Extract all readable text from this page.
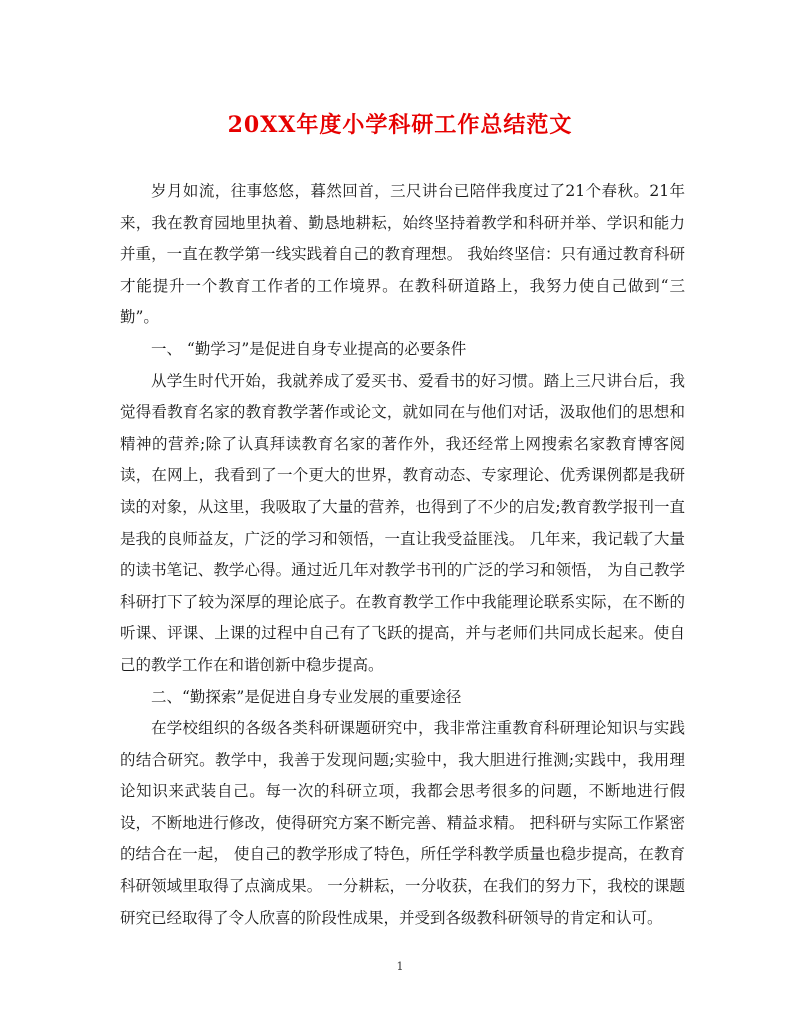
20XX年度小学科研工作总结范文

岁月如流，往事悠悠，暮然回首，三尺讲台已陪伴我度过了21个春秋。21年来，我在教育园地里执着、勤恳地耕耘，始终坚持着教学和科研并举、学识和能力并重，一直在教学第一线实践着自己的教育理想。 我始终坚信：只有通过教育科研才能提升一个教育工作者的工作境界。在教科研道路上，我努力使自己做到“三勤”。

一、 “勤学习”是促进自身专业提高的必要条件

从学生时代开始，我就养成了爱买书、爱看书的好习惯。踏上三尺讲台后，我觉得看教育名家的教育教学著作或论文，就如同在与他们对话，汲取他们的思想和精神的营养;除了认真拜读教育名家的著作外，我还经常上网搜索名家教育博客阅读，在网上，我看到了一个更大的世界，教育动态、专家理论、优秀课例都是我研读的对象，从这里，我吸取了大量的营养，也得到了不少的启发;教育教学报刊一直是我的良师益友，广泛的学习和领悟，一直让我受益匪浅。 几年来，我记载了大量的读书笔记、教学心得。通过近几年对教学书刊的广泛的学习和领悟， 为自己教学科研打下了较为深厚的理论底子。在教育教学工作中我能理论联系实际，在不断的听课、评课、上课的过程中自己有了飞跃的提高，并与老师们共同成长起来。使自己的教学工作在和谐创新中稳步提高。

二、“勤探索”是促进自身专业发展的重要途径

在学校组织的各级各类科研课题研究中，我非常注重教育科研理论知识与实践的结合研究。教学中，我善于发现问题;实验中，我大胆进行推测;实践中，我用理论知识来武装自己。每一次的科研立项，我都会思考很多的问题，不断地进行假设，不断地进行修改，使得研究方案不断完善、精益求精。 把科研与实际工作紧密的结合在一起， 使自己的教学形成了特色，所任学科教学质量也稳步提高，在教育科研领域里取得了点滴成果。 一分耕耘，一分收获，在我们的努力下，我校的课题研究已经取得了令人欣喜的阶段性成果，并受到各级教科研领导的肯定和认可。

1
